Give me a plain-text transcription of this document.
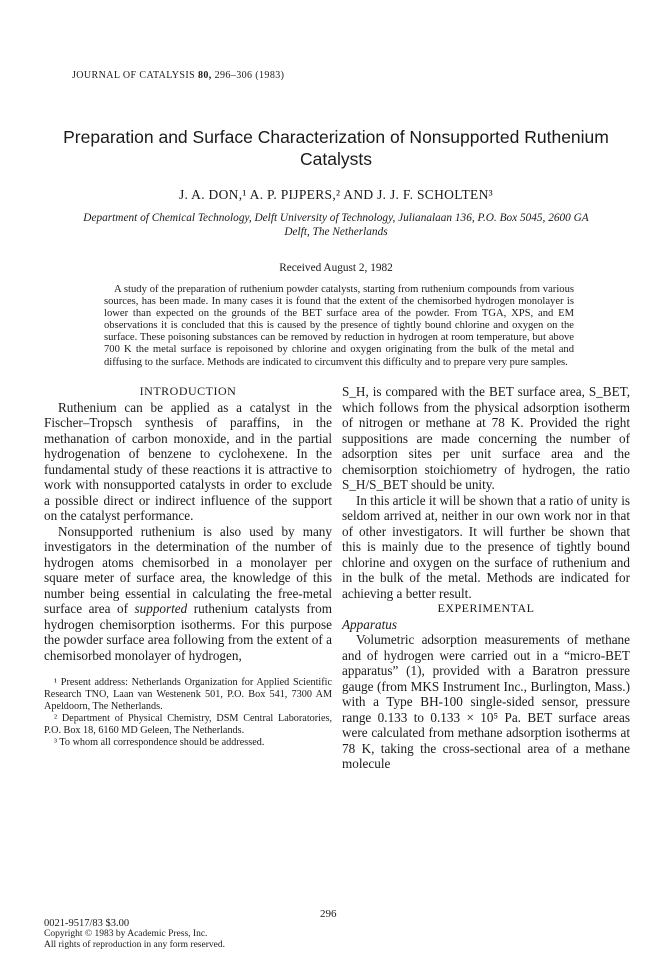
JOURNAL OF CATALYSIS 80, 296–306 (1983)
Preparation and Surface Characterization of Nonsupported Ruthenium Catalysts
J. A. DON,¹ A. P. PIJPERS,² AND J. J. F. SCHOLTEN³
Department of Chemical Technology, Delft University of Technology, Julianalaan 136, P.O. Box 5045, 2600 GA Delft, The Netherlands
Received August 2, 1982
A study of the preparation of ruthenium powder catalysts, starting from ruthenium compounds from various sources, has been made. In many cases it is found that the extent of the chemisorbed hydrogen monolayer is lower than expected on the grounds of the BET surface area of the powder. From TGA, XPS, and EM observations it is concluded that this is caused by the presence of tightly bound chlorine and oxygen on the surface. These poisoning substances can be removed by reduction in hydrogen at room temperature, but above 700 K the metal surface is repoisoned by chlorine and oxygen originating from the bulk of the metal and diffusing to the surface. Methods are indicated to circumvent this difficulty and to prepare very pure samples.

INTRODUCTION

Ruthenium can be applied as a catalyst in the Fischer–Tropsch synthesis of paraffins, in the methanation of carbon monoxide, and in the partial hydrogenation of benzene to cyclohexene. In the fundamental study of these reactions it is attractive to work with nonsupported catalysts in order to exclude a possible direct or indirect influence of the support on the catalyst performance.

Nonsupported ruthenium is also used by many investigators in the determination of the number of hydrogen atoms chemisorbed in a monolayer per square meter of surface area, the knowledge of this number being essential in calculating the free-metal surface area of supported ruthenium catalysts from hydrogen chemisorption isotherms. For this purpose the powder surface area following from the extent of a chemisorbed monolayer of hydrogen,

¹ Present address: Netherlands Organization for Applied Scientific Research TNO, Laan van Westenenk 501, P.O. Box 541, 7300 AM Apeldoorn, The Netherlands.
² Department of Physical Chemistry, DSM Central Laboratories, P.O. Box 18, 6160 MD Geleen, The Netherlands.
³ To whom all correspondence should be addressed.

S_H, is compared with the BET surface area, S_BET, which follows from the physical adsorption isotherm of nitrogen or methane at 78 K. Provided the right suppositions are made concerning the number of adsorption sites per unit surface area and the chemisorption stoichiometry of hydrogen, the ratio S_H/S_BET should be unity.

In this article it will be shown that a ratio of unity is seldom arrived at, neither in our own work nor in that of other investigators. It will further be shown that this is mainly due to the presence of tightly bound chlorine and oxygen on the surface of ruthenium and in the bulk of the metal. Methods are indicated for achieving a better result.

EXPERIMENTAL

Apparatus

Volumetric adsorption measurements of methane and of hydrogen were carried out in a “micro-BET apparatus” (1), provided with a Baratron pressure gauge (from MKS Instrument Inc., Burlington, Mass.) with a Type BH-100 single-sided sensor, pressure range 0.133 to 0.133 × 10⁵ Pa. BET surface areas were calculated from methane adsorption isotherms at 78 K, taking the cross-sectional area of a methane molecule

296
0021-9517/83 $3.00
Copyright © 1983 by Academic Press, Inc.
All rights of reproduction in any form reserved.
